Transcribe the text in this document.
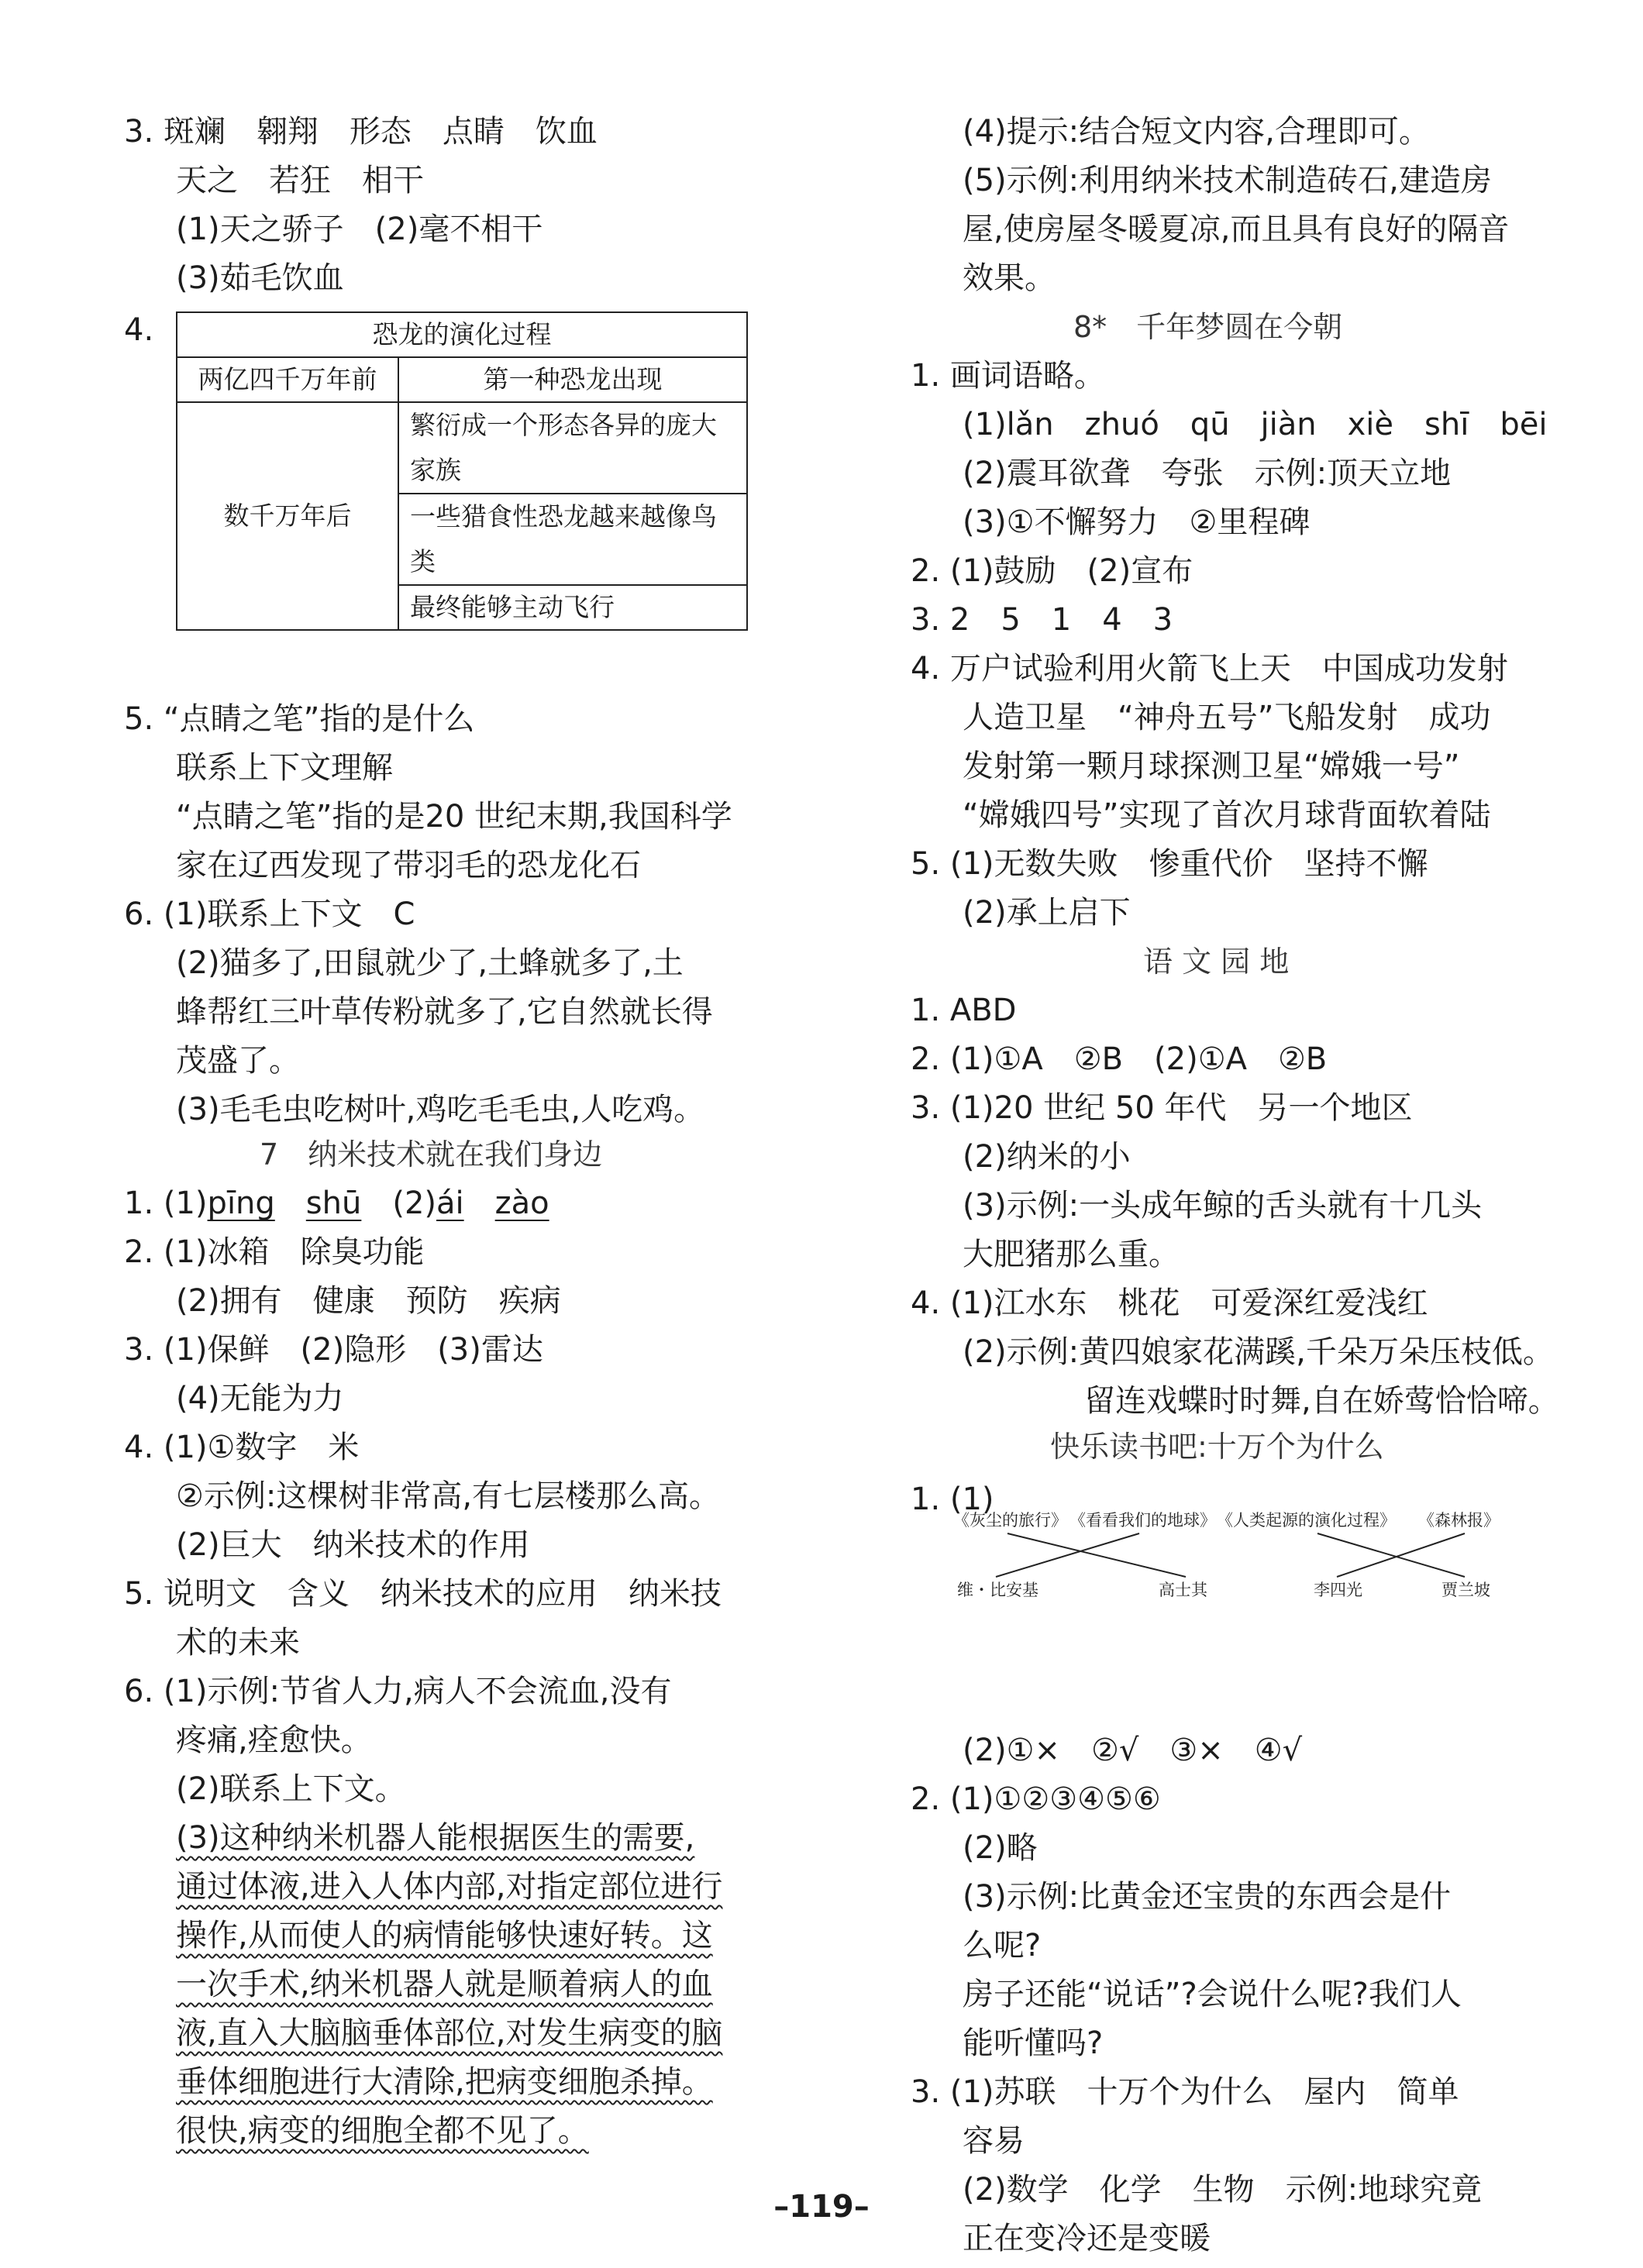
3. 斑斓　翱翔　形态　点睛　饮血
天之　若狂　相干
(1)天之骄子　(2)毫不相干
(3)茹毛饮血
4.	恐龙的演化过程	
两亿四千万年前	第一种恐龙出现
数千万年后	繁衍成一个形态各异的庞大家族
	一些猎食性恐龙越来越像鸟类
	最终能够主动飞行
5. “点睛之笔”指的是什么
联系上下文理解
“点睛之笔”指的是20 世纪末期,我国科学
家在辽西发现了带羽毛的恐龙化石
6. (1)联系上下文　C
(2)猫多了,田鼠就少了,土蜂就多了,土
蜂帮红三叶草传粉就多了,它自然就长得
茂盛了。
(3)毛毛虫吃树叶,鸡吃毛毛虫,人吃鸡。
7　纳米技术就在我们身边
1. (1)pīng　 shū　 (2)ái　 zào
2. (1)冰箱　除臭功能
(2)拥有　健康　预防　疾病
3. (1)保鲜　(2)隐形　(3)雷达
(4)无能为力
4. (1)①数字　米
②示例:这棵树非常高,有七层楼那么高。
(2)巨大　纳米技术的作用
5. 说明文　含义　纳米技术的应用　纳米技
术的未来
6. (1)示例:节省人力,病人不会流血,没有
疼痛,痊愈快。
(2)联系上下文。
(3)这种纳米机器人能根据医生的需要,
通过体液,进入人体内部,对指定部位进行
操作,从而使人的病情能够快速好转。这
一次手术,纳米机器人就是顺着病人的血
液,直入大脑脑垂体部位,对发生病变的脑
垂体细胞进行大清除,把病变细胞杀掉。
很快,病变的细胞全都不见了。
(4)提示:结合短文内容,合理即可。
(5)示例:利用纳米技术制造砖石,建造房
屋,使房屋冬暖夏凉,而且具有良好的隔音
效果。
8*　千年梦圆在今朝
1. 画词语略。
(1)lǎn　zhuó　qū　jiàn　xiè　shī　bēi
(2)震耳欲聋　夸张　示例:顶天立地
(3)①不懈努力　②里程碑
2. (1)鼓励　(2)宣布
3. 2　5　1　4　3
4. 万户试验利用火箭飞上天　中国成功发射
人造卫星　“神舟五号”飞船发射　成功
发射第一颗月球探测卫星“嫦娥一号”
“嫦娥四号”实现了首次月球背面软着陆
5. (1)无数失败　惨重代价　坚持不懈
(2)承上启下
语 文 园 地
1. ABD
2. (1)①A　②B　(2)①A　②B
3. (1)20 世纪 50 年代　另一个地区
(2)纳米的小
(3)示例:一头成年鲸的舌头就有十几头
大肥猪那么重。
4. (1)江水东　桃花　可爱深红爱浅红
(2)示例:黄四娘家花满蹊,千朵万朵压枝低。
留连戏蝶时时舞,自在娇莺恰恰啼。
快乐读书吧:十万个为什么
1. (1)
(2)①×　②√　③×　④√
2. (1)①②③④⑤⑥
(2)略
(3)示例:比黄金还宝贵的东西会是什
么呢?
房子还能“说话”?会说什么呢?我们人
能听懂吗?
3. (1)苏联　十万个为什么　屋内　简单
容易
(2)数学　化学　生物　示例:地球究竟
正在变冷还是变暖
《灰尘的旅行》 《看看我们的地球》 《人类起源的演化过程》 《森林报》
维・比安基	高士其	李四光	贾兰坡
–119–
